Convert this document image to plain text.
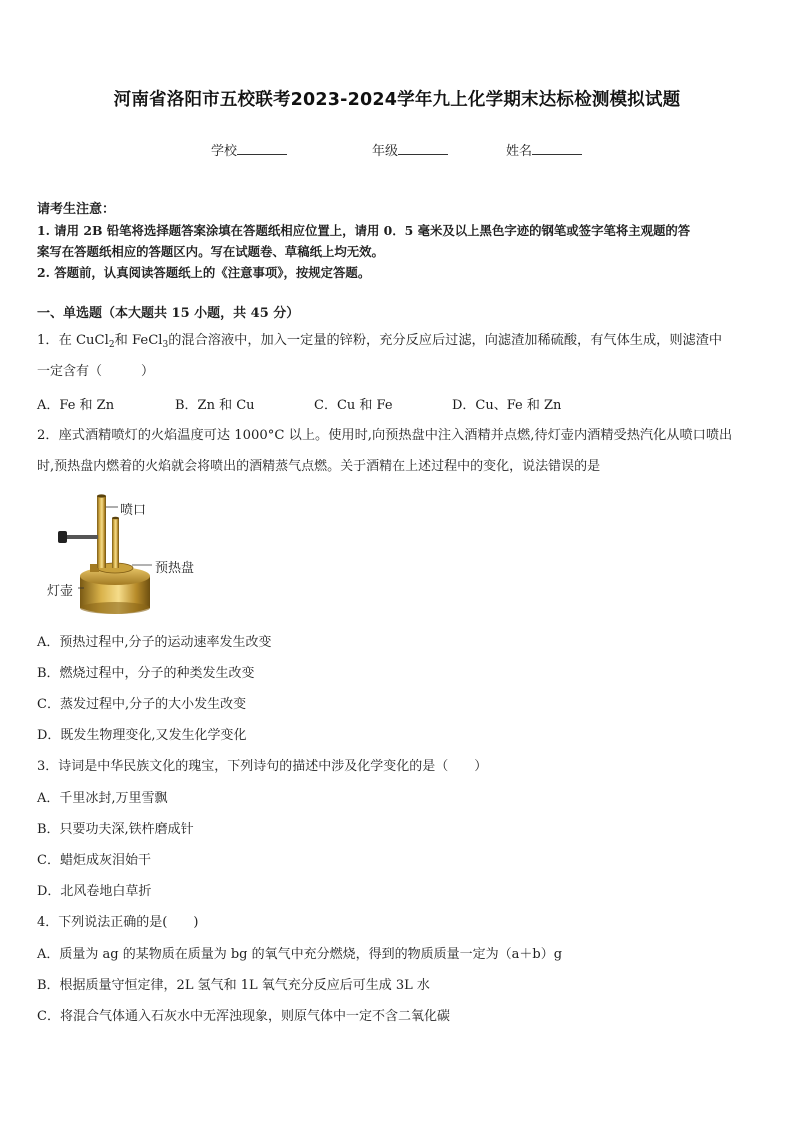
河南省洛阳市五校联考2023-2024学年九上化学期末达标检测模拟试题
学校	年级	姓名
请考生注意：
1. 请用 2B 铅笔将选择题答案涂填在答题纸相应位置上，请用 0．5 毫米及以上黑色字迹的钢笔或签字笔将主观题的答
案写在答题纸相应的答题区内。写在试题卷、草稿纸上均无效。
2. 答题前，认真阅读答题纸上的《注意事项》，按规定答题。
一、单选题（本大题共 15 小题，共 45 分）
1．在 CuCl$_2$和 FeCl$_3$的混合溶液中，加入一定量的锌粉，充分反应后过滤，向滤渣加稀硫酸，有气体生成，则滤渣中
一定含有（　　　）
A．Fe 和 Zn	B．Zn 和 Cu	C．Cu 和 Fe	D．Cu、Fe 和 Zn
2．座式酒精喷灯的火焰温度可达 1000°C 以上。使用时,向预热盘中注入酒精并点燃,待灯壶内酒精受热汽化从喷口喷出
时,预热盘内燃着的火焰就会将喷出的酒精蒸气点燃。关于酒精在上述过程中的变化，说法错误的是
喷口
预热盘
灯壶
A．预热过程中,分子的运动速率发生改变
B．燃烧过程中，分子的种类发生改变
C．蒸发过程中,分子的大小发生改变
D．既发生物理变化,又发生化学变化
3．诗词是中华民族文化的瑰宝，下列诗句的描述中涉及化学变化的是（　　）
A．千里冰封,万里雪飘
B．只要功夫深,铁杵磨成针
C．蜡炬成灰泪始干
D．北风卷地白草折
4．下列说法正确的是(　　)
A．质量为 ag 的某物质在质量为 bg 的氧气中充分燃烧，得到的物质质量一定为（a＋b）g
B．根据质量守恒定律，2L 氢气和 1L 氧气充分反应后可生成 3L 水
C．将混合气体通入石灰水中无浑浊现象，则原气体中一定不含二氧化碳
